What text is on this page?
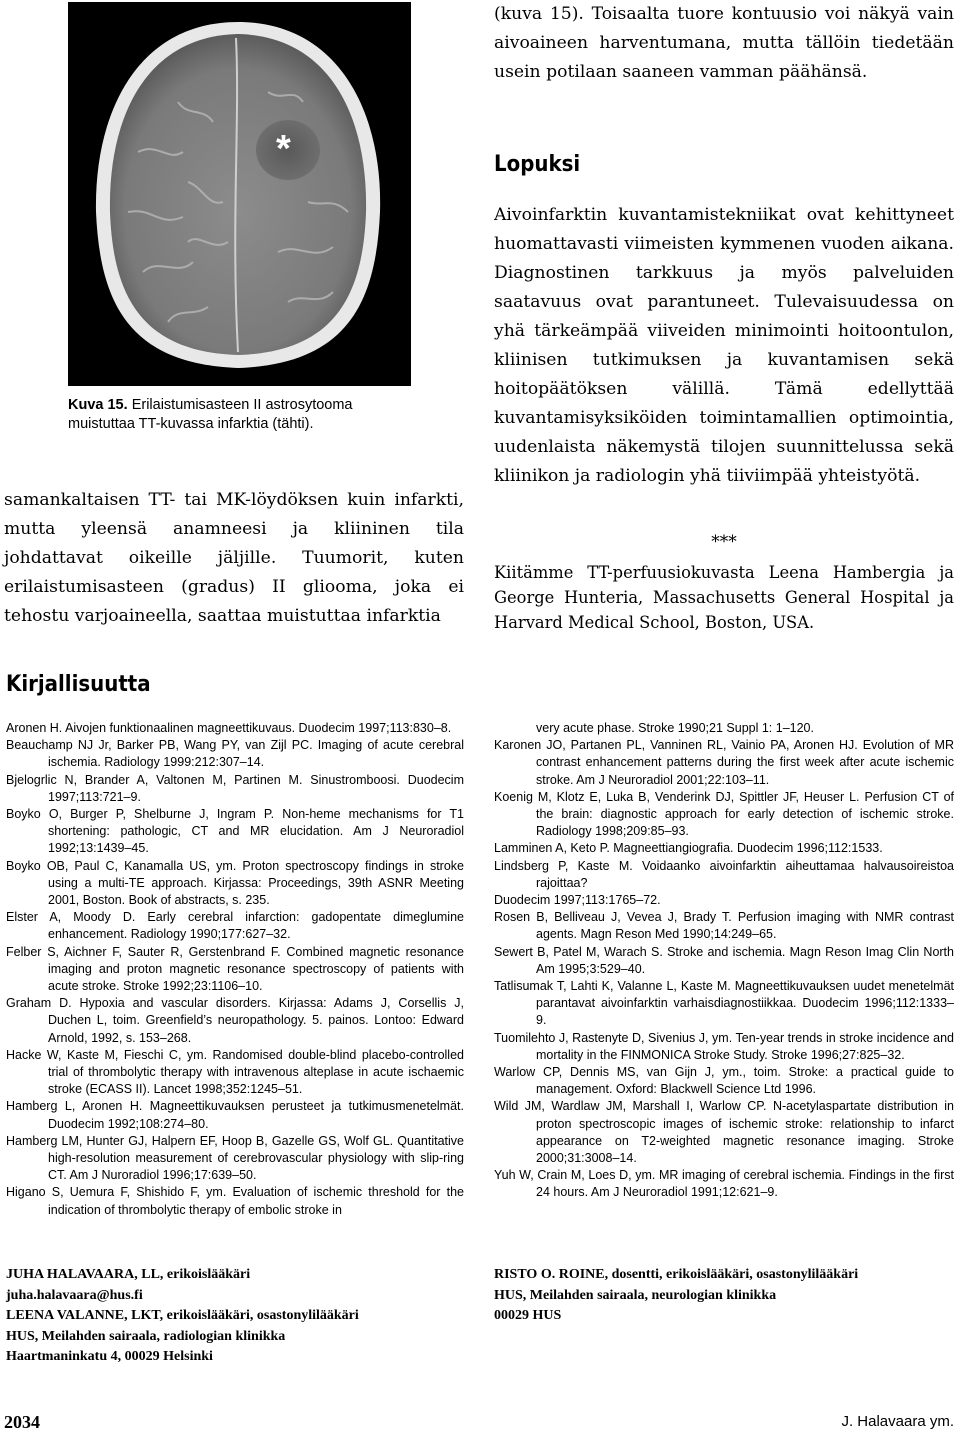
*
Kuva 15. Erilaistumisasteen II astrosytooma muistuttaa TT-kuvassa infarktia (tähti).

samankaltaisen TT- tai MK-löydöksen kuin infarkti, mutta yleensä anamneesi ja kliininen tila johdattavat oikeille jäljille. Tuumorit, kuten erilaistumisasteen (gradus) II gliooma, joka ei tehostu varjoaineella, saattaa muistuttaa infarktia

(kuva 15). Toisaalta tuore kontuusio voi näkyä vain aivoaineen harventumana, mutta tällöin tiedetään usein potilaan saaneen vamman päähänsä.

Lopuksi

Aivoinfarktin kuvantamistekniikat ovat kehittyneet huomattavasti viimeisten kymmenen vuoden aikana. Diagnostinen tarkkuus ja myös palveluiden saatavuus ovat parantuneet. Tulevaisuudessa on yhä tärkeämpää viiveiden minimointi hoitoontulon, kliinisen tutkimuksen ja kuvantamisen sekä hoitopäätöksen välillä. Tämä edellyttää kuvantamisyksiköiden toimintamallien optimointia, uudenlaista näkemystä tilojen suunnittelussa sekä kliinikon ja radiologin yhä tiiviimpää yhteistyötä.

***
Kiitämme TT-perfuusiokuvasta Leena Hambergia ja George Hunteria, Massachusetts General Hospital ja Harvard Medical School, Boston, USA.
Kirjallisuutta

Aronen H. Aivojen funktionaalinen magneettikuvaus. Duodecim 1997;113:830–8.

Beauchamp NJ Jr, Barker PB, Wang PY, van Zijl PC. Imaging of acute cerebral ischemia. Radiology 1999:212:307–14.

Bjelogrlic N, Brander A, Valtonen M, Partinen M. Sinustromboosi. Duodecim 1997;113:721–9.

Boyko O, Burger P, Shelburne J, Ingram P. Non-heme mechanisms for T1 shortening: pathologic, CT and MR elucidation. Am J Neuroradiol 1992;13:1439–45.

Boyko OB, Paul C, Kanamalla US, ym. Proton spectroscopy findings in stroke using a multi-TE approach. Kirjassa: Proceedings, 39th ASNR Meeting 2001, Boston. Book of abstracts, s. 235.

Elster A, Moody D. Early cerebral infarction: gadopentate dimeglumine enhancement. Radiology 1990;177:627–32.

Felber S, Aichner F, Sauter R, Gerstenbrand F. Combined magnetic resonance imaging and proton magnetic resonance spectroscopy of patients with acute stroke. Stroke 1992;23:1106–10.

Graham D. Hypoxia and vascular disorders. Kirjassa: Adams J, Corsellis J, Duchen L, toim. Greenfield’s neuropathology. 5. painos. Lontoo: Edward Arnold, 1992, s. 153–268.

Hacke W, Kaste M, Fieschi C, ym. Randomised double-blind placebo-controlled trial of thrombolytic therapy with intravenous alteplase in acute ischaemic stroke (ECASS II). Lancet 1998;352:1245–51.

Hamberg L, Aronen H. Magneettikuvauksen perusteet ja tutkimusmenetelmät. Duodecim 1992;108:274–80.

Hamberg LM, Hunter GJ, Halpern EF, Hoop B, Gazelle GS, Wolf GL. Quantitative high-resolution measurement of cerebrovascular physiology with slip-ring CT. Am J Nuroradiol 1996;17:639–50.

Higano S, Uemura F, Shishido F, ym. Evaluation of ischemic threshold for the indication of thrombolytic therapy of embolic stroke in

very acute phase. Stroke 1990;21 Suppl 1: 1–120.

Karonen JO, Partanen PL, Vanninen RL, Vainio PA, Aronen HJ. Evolution of MR contrast enhancement patterns during the first week after acute ischemic stroke. Am J Neuroradiol 2001;22:103–11.

Koenig M, Klotz E, Luka B, Venderink DJ, Spittler JF, Heuser L. Perfusion CT of the brain: diagnostic approach for early detection of ischemic stroke. Radiology 1998;209:85–93.

Lamminen A, Keto P. Magneettiangiografia. Duodecim 1996;112:1533.

Lindsberg P, Kaste M. Voidaanko aivoinfarktin aiheuttamaa halvausoireistoa rajoittaa?

Duodecim 1997;113:1765–72.

Rosen B, Belliveau J, Vevea J, Brady T. Perfusion imaging with NMR contrast agents. Magn Reson Med 1990;14:249–65.

Sewert B, Patel M, Warach S. Stroke and ischemia. Magn Reson Imag Clin North Am 1995;3:529–40.

Tatlisumak T, Lahti K, Valanne L, Kaste M. Magneettikuvauksen uudet menetelmät parantavat aivoinfarktin varhaisdiagnostiikkaa. Duodecim 1996;112:1333–9.

Tuomilehto J, Rastenyte D, Sivenius J, ym. Ten-year trends in stroke incidence and mortality in the FINMONICA Stroke Study. Stroke 1996;27:825–32.

Warlow CP, Dennis MS, van Gijn J, ym., toim. Stroke: a practical guide to management. Oxford: Blackwell Science Ltd 1996.

Wild JM, Wardlaw JM, Marshall I, Warlow CP. N-acetylaspartate distribution in proton spectroscopic images of ischemic stroke: relationship to infarct appearance on T2-weighted magnetic resonance imaging. Stroke 2000;31:3008–14.

Yuh W, Crain M, Loes D, ym. MR imaging of cerebral ischemia. Findings in the first 24 hours. Am J Neuroradiol 1991;12:621–9.

JUHA HALAVAARA, LL, erikoislääkäri
juha.halavaara@hus.fi
LEENA VALANNE, LKT, erikoislääkäri, osastonylilääkäri
HUS, Meilahden sairaala, radiologian klinikka
Haartmaninkatu 4, 00029 Helsinki
RISTO O. ROINE, dosentti, erikoislääkäri, osastonylilääkäri
HUS, Meilahden sairaala, neurologian klinikka
00029 HUS
2034	J. Halavaara ym.
